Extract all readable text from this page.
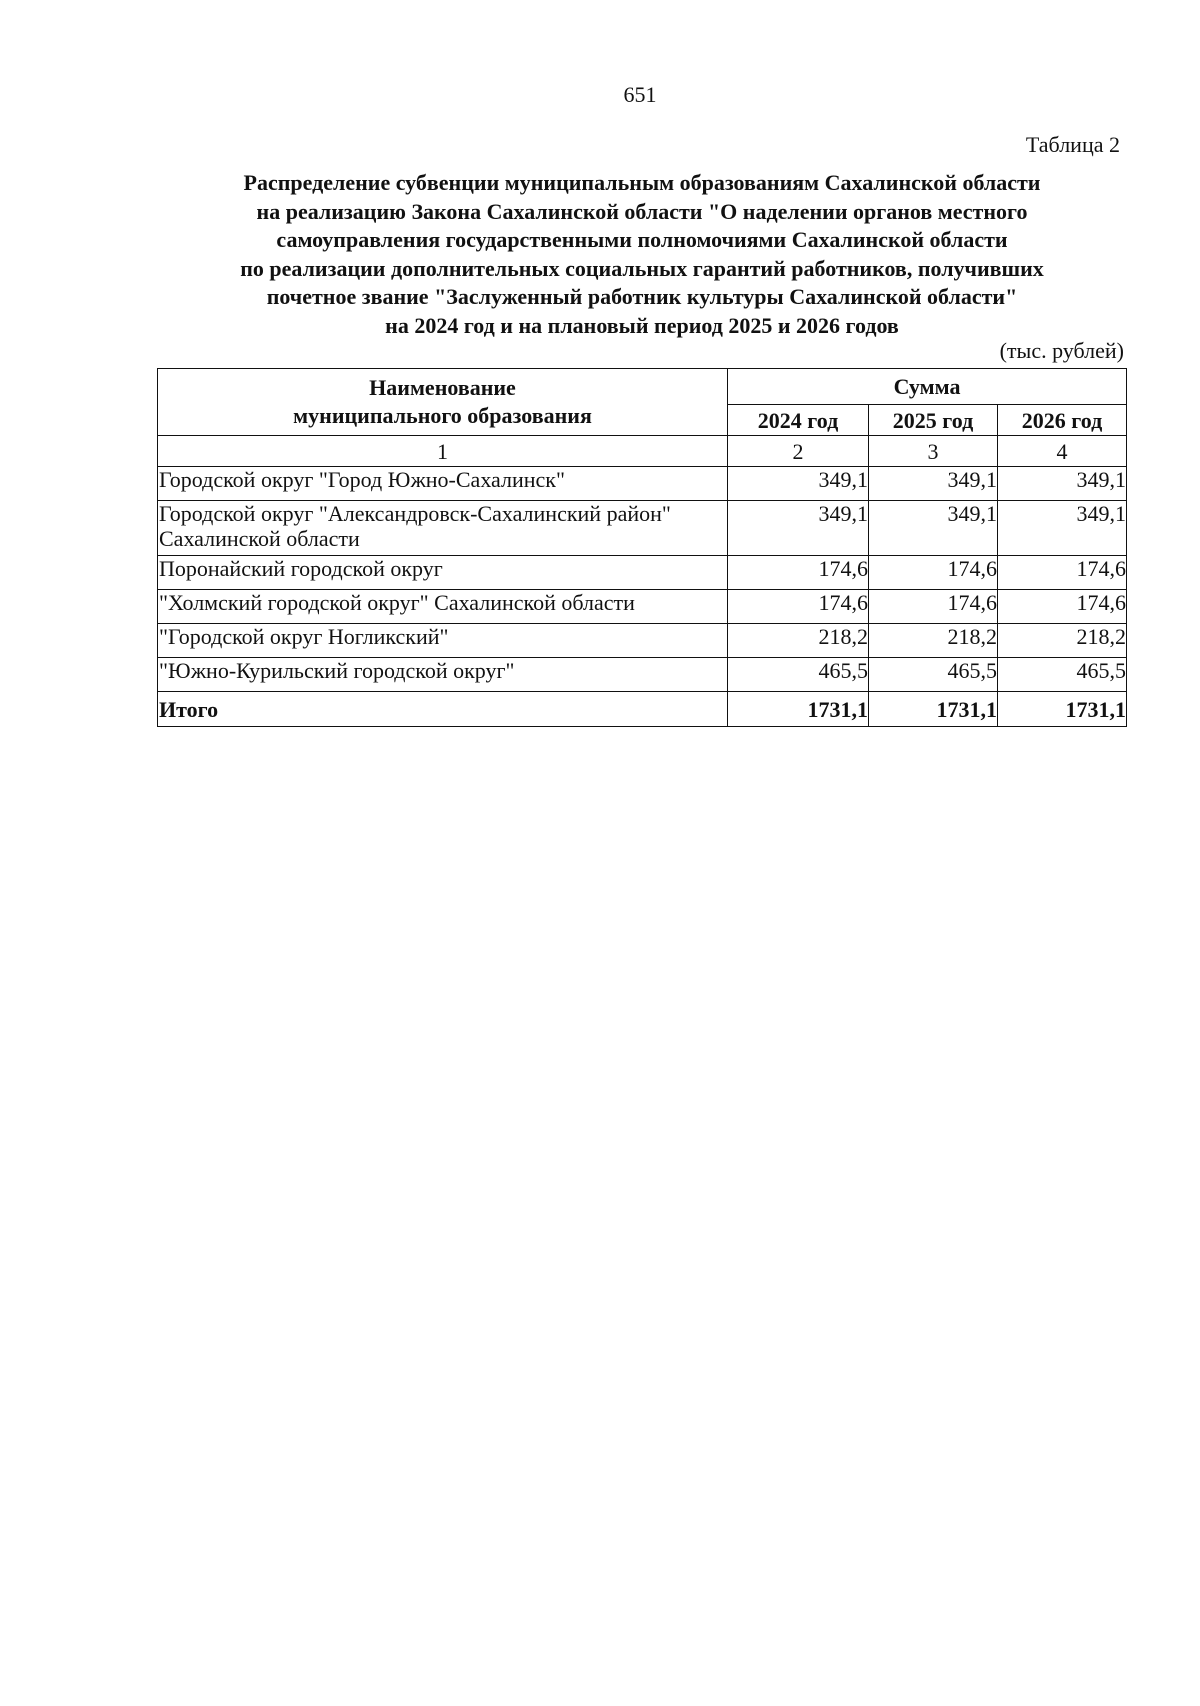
651
Таблица 2
Распределение субвенции муниципальным образованиям Сахалинской области
на реализацию Закона Сахалинской области "О наделении органов местного
самоуправления государственными полномочиями Сахалинской области
по реализации дополнительных социальных гарантий работников, получивших
почетное звание "Заслуженный работник культуры Сахалинской области"
на 2024 год и на плановый период 2025 и 2026 годов
(тыс. рублей)
Наименование
муниципального образования	Сумма		
	2024 год	2025 год	2026 год
1	2	3	4

Городской округ "Город Южно-Сахалинск"	349,1	349,1	349,1

Городской округ "Александровск-Сахалинский район"
Сахалинской области	349,1	349,1	349,1

Поронайский городской округ	174,6	174,6	174,6

"Холмский городской округ" Сахалинской области	174,6	174,6	174,6

"Городской округ Ногликский"	218,2	218,2	218,2

"Южно-Курильский городской округ"	465,5	465,5	465,5
Итого	1731,1	1731,1	1731,1
